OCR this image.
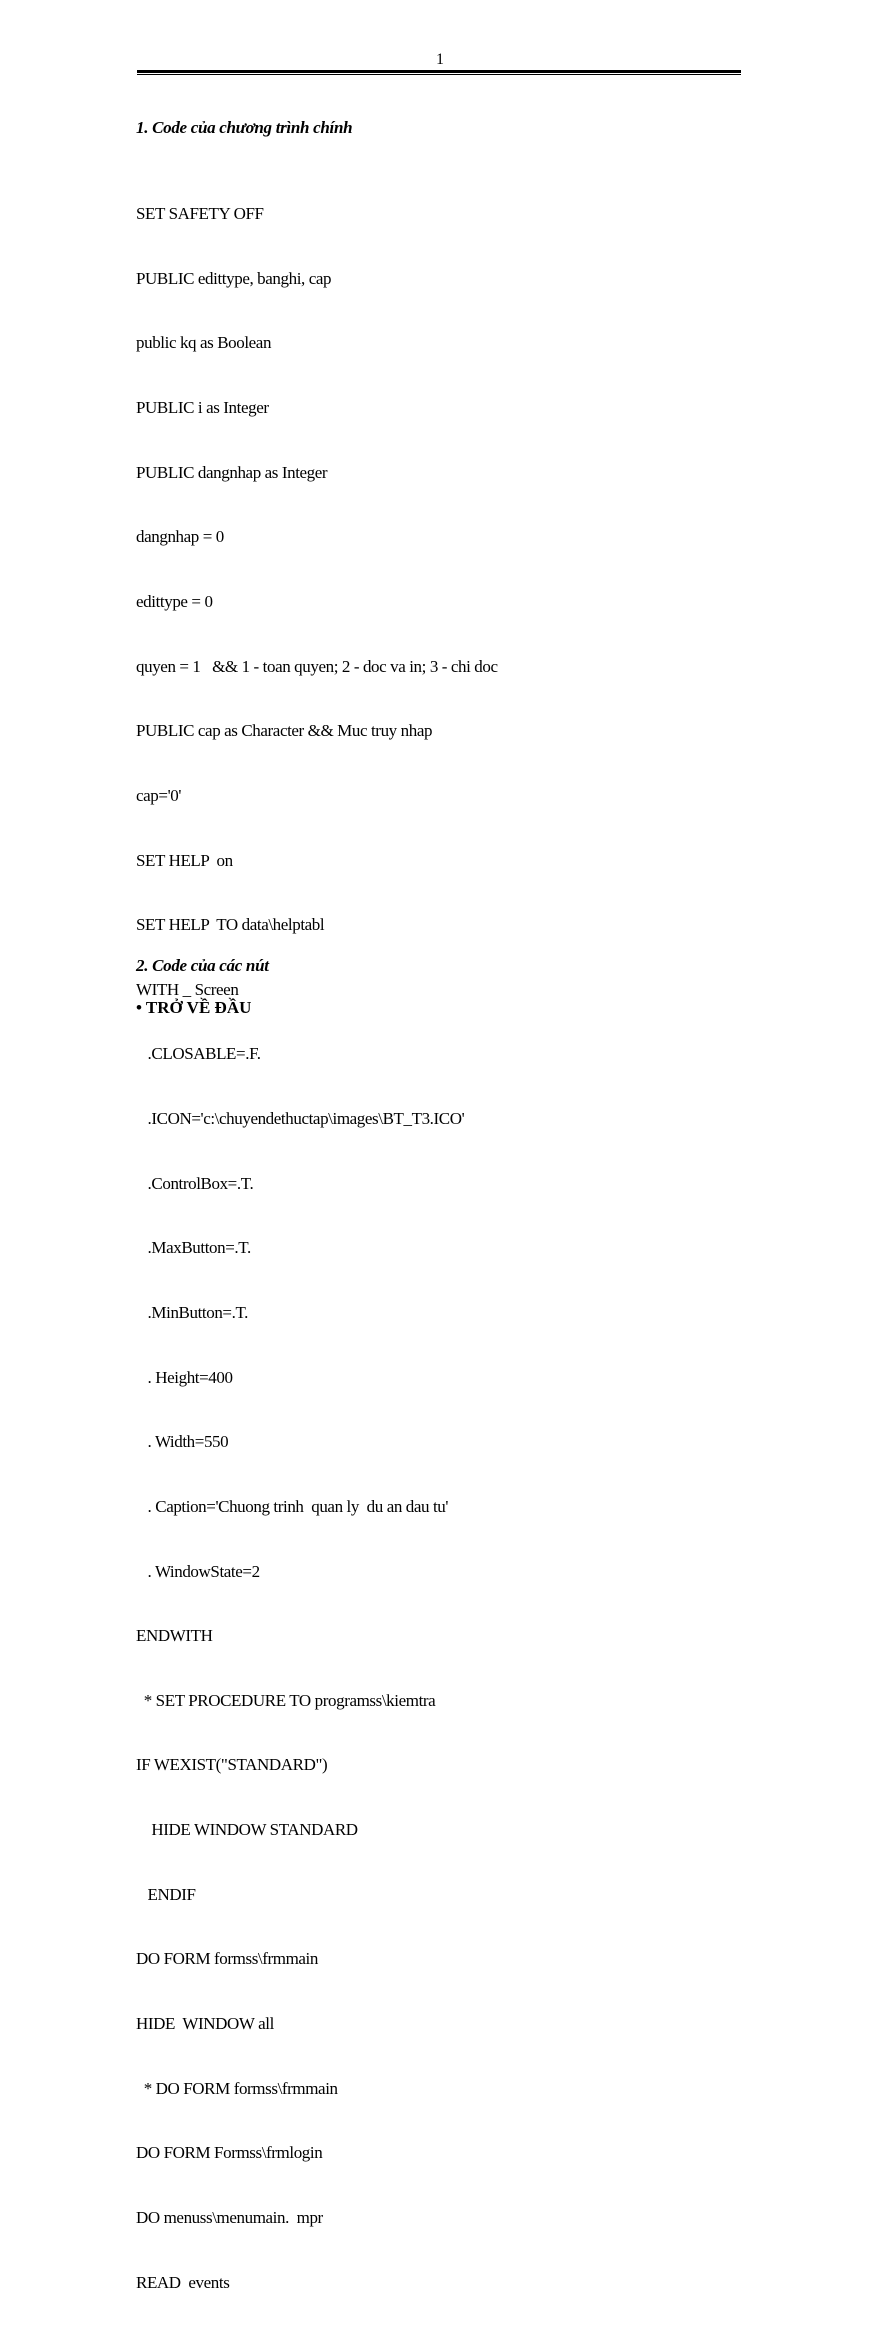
1
1. Code của chương trình chính

SET SAFETY OFF

PUBLIC edittype, banghi, cap

public kq as Boolean

PUBLIC i as Integer

PUBLIC dangnhap as Integer

dangnhap = 0

edittype = 0

quyen = 1   && 1 - toan quyen; 2 - doc va in; 3 - chi doc

PUBLIC cap as Character && Muc truy nhap

cap='0'

SET HELP  on

SET HELP  TO data\helptabl

WITH _ Screen

.CLOSABLE=.F.

.ICON='c:\chuyendethuctap\images\BT_T3.ICO'

.ControlBox=.T.

.MaxButton=.T.

.MinButton=.T.

. Height=400

. Width=550

. Caption='Chuong trinh  quan ly  du an dau tu'

. WindowState=2

ENDWITH

* SET PROCEDURE TO programss\kiemtra

IF WEXIST("STANDARD")

HIDE WINDOW STANDARD

ENDIF

DO FORM formss\frmmain

HIDE  WINDOW all

* DO FORM formss\frmmain

DO FORM Formss\frmlogin

DO menuss\menumain.  mpr

READ  events

2. Code của các nút
• TRỞ VỀ ĐẦU
